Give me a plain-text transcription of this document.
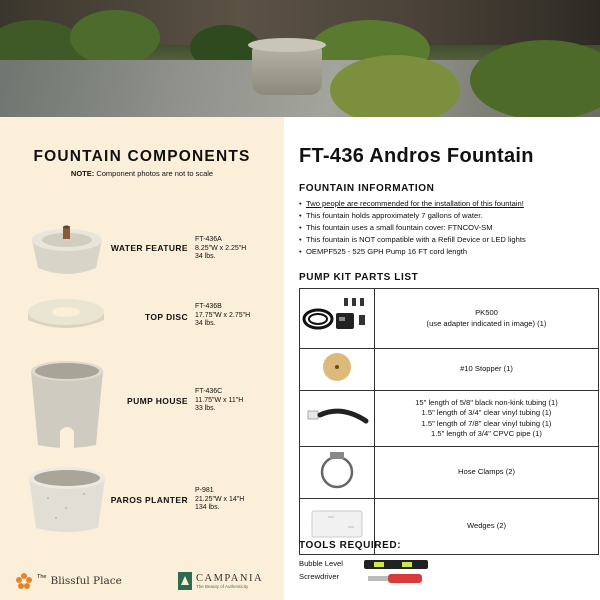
FOUNTAIN COMPONENTS
NOTE: Component photos are not to scale
WATER FEATURE
FT-436A
8.25"W x 2.25"H
34 lbs.
TOP DISC
FT-436B
17.75"W x 2.75"H
34 lbs.
PUMP HOUSE
FT-436C
11.75"W x 11"H
33 lbs.
PAROS PLANTER
P-981
21.25"W x 14"H
134 lbs.
The Blissful Place	CAMPANIA
The Beauty of Authenticity
FT-436 Andros Fountain
FOUNTAIN INFORMATION
• Two people are recommended for the installation of this fountain!
• This fountain holds approximately 7 gallons of water.
• This fountain uses a small fountain cover: FTNCOV-SM
• This fountain is NOT compatible with a Refill Device or LED lights
• OEMPF525 - 525 GPH Pump 16 FT cord length
PUMP KIT PARTS LIST

PK500
(use adapter indicated in image) (1)

#10 Stopper (1)

15" length of 5/8" black non-kink tubing (1)
1.5" length of 3/4" clear vinyl tubing (1)
1.5" length of 7/8" clear vinyl tubing (1)
1.5" length of 3/4" CPVC pipe (1)

Hose Clamps (2)

Wedges (2)
TOOLS REQUIRED:
Bubble Level
Screwdriver
